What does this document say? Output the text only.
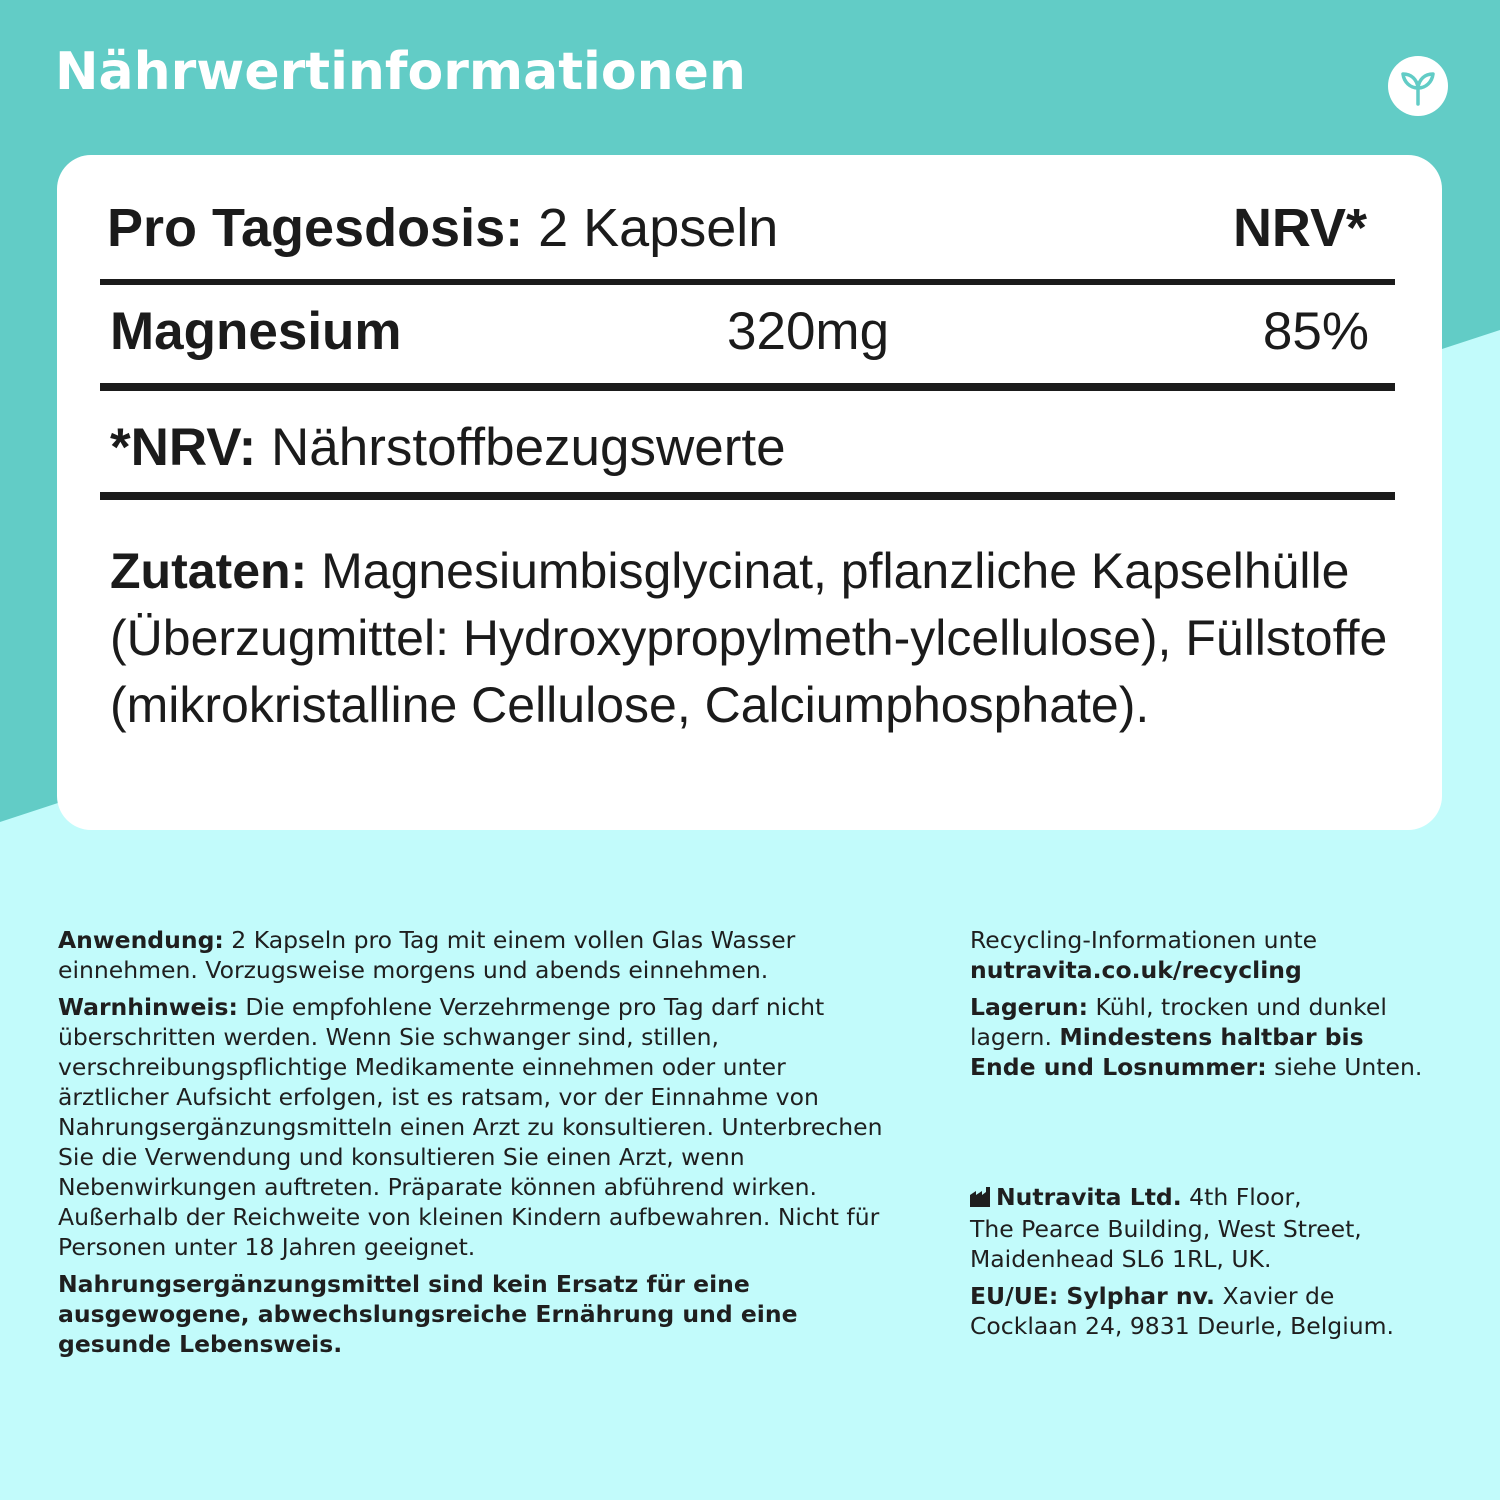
Nährwertinformationen
Pro Tagesdosis: 2 Kapseln	NRV*
Magnesium	320mg	85%
*NRV: Nährstoffbezugswerte
Zutaten: Magnesiumbisglycinat, pflanzliche Kapselhülle (Überzugmittel: Hydroxypropylmeth-ylcellulose), Füllstoffe (mikrokristalline Cellulose, Calciumphosphate).

Anwendung: 2 Kapseln pro Tag mit einem vollen Glas Wasser einnehmen. Vorzugsweise morgens und abends einnehmen.

Warnhinweis: Die empfohlene Verzehrmenge pro Tag darf nicht überschritten werden. Wenn Sie schwanger sind, stillen, verschreibungspflichtige Medikamente einnehmen oder unter ärztlicher Aufsicht erfolgen, ist es ratsam, vor der Einnahme von Nahrungsergänzungsmitteln einen Arzt zu konsultieren. Unterbrechen Sie die Verwendung und konsultieren Sie einen Arzt, wenn Nebenwirkungen auftreten. Präparate können abführend wirken. Außerhalb der Reichweite von kleinen Kindern aufbewahren. Nicht für Personen unter 18 Jahren geeignet.

Nahrungsergänzungsmittel sind kein Ersatz für eine ausgewogene, abwechslungsreiche Ernährung und eine gesunde Lebensweis.

Recycling-Informationen unte
nutravita.co.uk/recycling

Lagerun: Kühl, trocken und dunkel lagern. Mindestens haltbar bis Ende und Losnummer: siehe Unten.

Nutravita Ltd. 4th Floor,
The Pearce Building, West Street,
Maidenhead SL6 1RL, UK.

EU/UE: Sylphar nv. Xavier de
Cocklaan 24, 9831 Deurle, Belgium.
